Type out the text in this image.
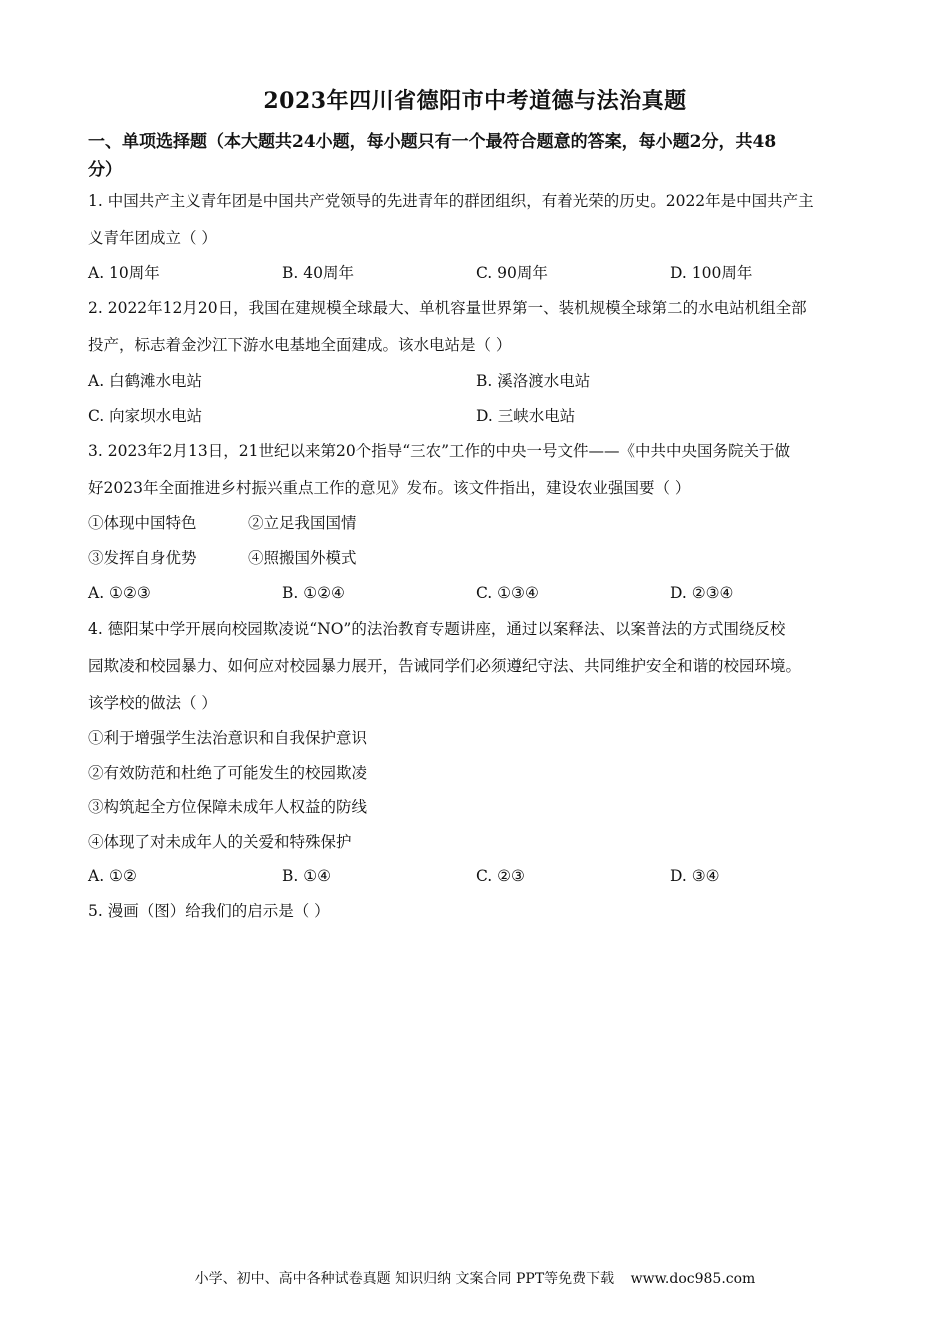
2023年四川省德阳市中考道德与法治真题
一、单项选择题（本大题共24小题，每小题只有一个最符合题意的答案，每小题2分，共48
分）
1. 中国共产主义青年团是中国共产党领导的先进青年的群团组织，有着光荣的历史。2022年是中国共产主
义青年团成立（ ）
A. 10周年	B. 40周年	C. 90周年	D. 100周年
2. 2022年12月20日，我国在建规模全球最大、单机容量世界第一、装机规模全球第二的水电站机组全部
投产，标志着金沙江下游水电基地全面建成。该水电站是（ ）
A. 白鹤滩水电站	B. 溪洛渡水电站
C. 向家坝水电站	D. 三峡水电站
3. 2023年2月13日，21世纪以来第20个指导“三农”工作的中央一号文件——《中共中央国务院关于做
好2023年全面推进乡村振兴重点工作的意见》发布。该文件指出，建设农业强国要（ ）
①体现中国特色	②立足我国国情
③发挥自身优势	④照搬国外模式
A. ①②③	B. ①②④	C. ①③④	D. ②③④
4. 德阳某中学开展向校园欺凌说“NO”的法治教育专题讲座，通过以案释法、以案普法的方式围绕反校
园欺凌和校园暴力、如何应对校园暴力展开，告诫同学们必须遵纪守法、共同维护安全和谐的校园环境。
该学校的做法（ ）
①利于增强学生法治意识和自我保护意识
②有效防范和杜绝了可能发生的校园欺凌
③构筑起全方位保障未成年人权益的防线
④体现了对未成年人的关爱和特殊保护
A. ①②	B. ①④	C. ②③	D. ③④
5. 漫画（图）给我们的启示是（ ）
小学、初中、高中各种试卷真题 知识归纳 文案合同 PPT等免费下载 www.doc985.com
